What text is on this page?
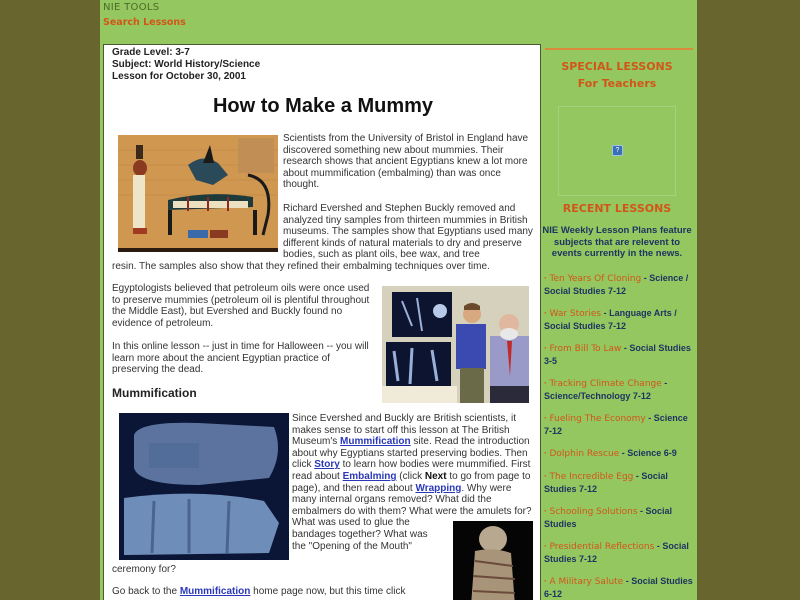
NIE TOOLS
Search Lessons
Grade Level: 3-7
Subject: World History/Science
Lesson for October 30, 2001
How to Make a Mummy
Scientists from the University of Bristol in England have discovered something new about mummies. Their research shows that ancient Egyptians knew a lot more about mummification (embalming) than was once thought.
Richard Evershed and Stephen Buckly removed and analyzed tiny samples from thirteen mummies in British museums. The samples show that Egyptians used many different kinds of natural materials to dry and preserve bodies, such as plant oils, bee wax, and tree
resin. The samples also show that they refined their embalming techniques over time.
Egyptologists believed that petroleum oils were once used to preserve mummies (petroleum oil is plentiful throughout the Middle East), but Evershed and Buckly found no evidence of petroleum.
In this online lesson -- just in time for Halloween -- you will learn more about the ancient Egyptian practice of preserving the dead.
Mummification
Since Evershed and Buckly are British scientists, it makes sense to start off this lesson at The British Museum's Mummification site. Read the introduction about why Egyptians started preserving bodies. Then click Story to learn how bodies were mummified. First read about Embalming (click Next to go from page to page), and then read about Wrapping. Why were many internal organs removed? What did the embalmers do with them? What were the amulets for?
What was used to glue the
bandages together? What was
the "Opening of the Mouth"
ceremony for?
Go back to the Mummification home page now, but this time click
SPECIAL LESSONS
For Teachers
?
RECENT LESSONS
NIE Weekly Lesson Plans feature subjects that are relevent to events currently in the news.
· Ten Years Of Cloning - Science / Social Studies 7-12
· War Stories - Language Arts / Social Studies 7-12
· From Bill To Law - Social Studies 3-5
· Tracking Climate Change - Science/Technology 7-12
· Fueling The Economy - Science 7-12
· Dolphin Rescue - Science 6-9
· The Incredible Egg - Social Studies 7-12
· Schooling Solutions - Social Studies
· Presidential Reflections - Social Studies 7-12
· A Military Salute - Social Studies 6-12
